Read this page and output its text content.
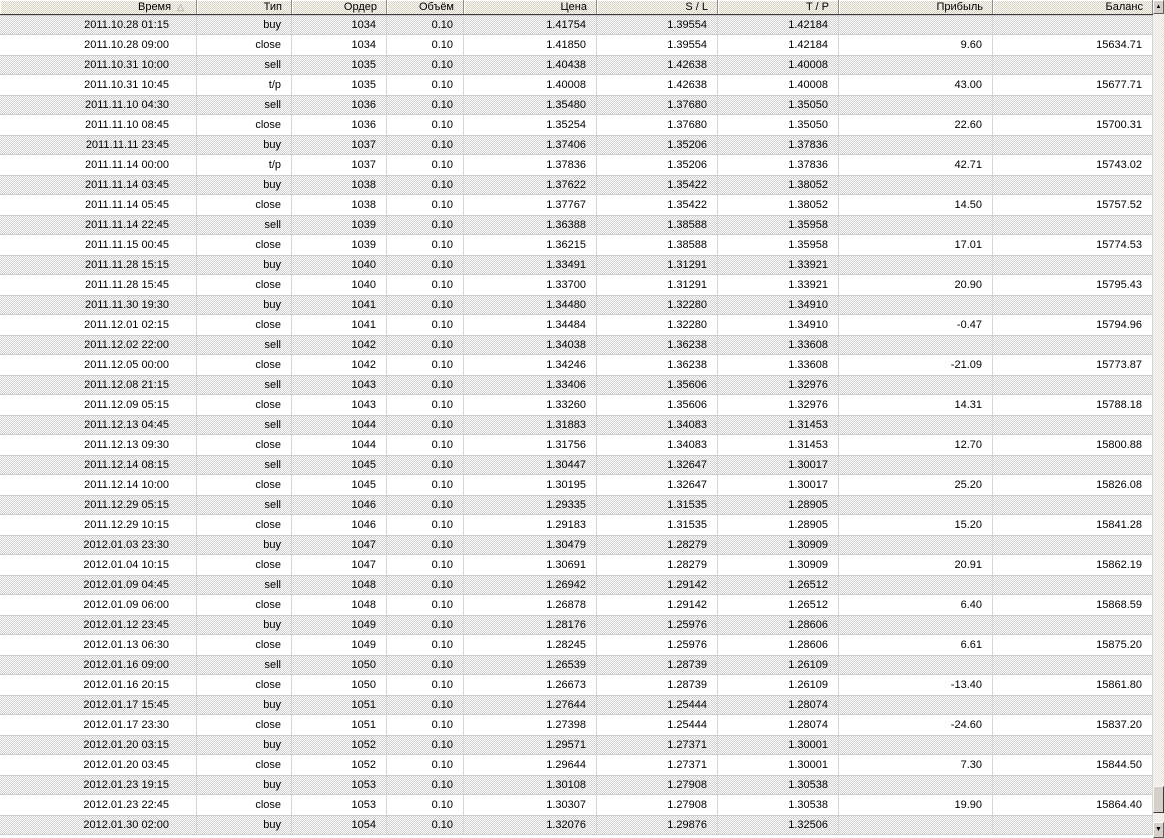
Время △	Тип	Ордер	Объём	Цена	S / L	T / P	Прибыль	Баланс
2011.10.28 01:15	buy	1034	0.10	1.41754	1.39554	1.42184
2011.10.28 09:00	close	1034	0.10	1.41850	1.39554	1.42184	9.60	15634.71
2011.10.31 10:00	sell	1035	0.10	1.40438	1.42638	1.40008
2011.10.31 10:45	t/p	1035	0.10	1.40008	1.42638	1.40008	43.00	15677.71
2011.11.10 04:30	sell	1036	0.10	1.35480	1.37680	1.35050
2011.11.10 08:45	close	1036	0.10	1.35254	1.37680	1.35050	22.60	15700.31
2011.11.11 23:45	buy	1037	0.10	1.37406	1.35206	1.37836
2011.11.14 00:00	t/p	1037	0.10	1.37836	1.35206	1.37836	42.71	15743.02
2011.11.14 03:45	buy	1038	0.10	1.37622	1.35422	1.38052
2011.11.14 05:45	close	1038	0.10	1.37767	1.35422	1.38052	14.50	15757.52
2011.11.14 22:45	sell	1039	0.10	1.36388	1.38588	1.35958
2011.11.15 00:45	close	1039	0.10	1.36215	1.38588	1.35958	17.01	15774.53
2011.11.28 15:15	buy	1040	0.10	1.33491	1.31291	1.33921
2011.11.28 15:45	close	1040	0.10	1.33700	1.31291	1.33921	20.90	15795.43
2011.11.30 19:30	buy	1041	0.10	1.34480	1.32280	1.34910
2011.12.01 02:15	close	1041	0.10	1.34484	1.32280	1.34910	-0.47	15794.96
2011.12.02 22:00	sell	1042	0.10	1.34038	1.36238	1.33608
2011.12.05 00:00	close	1042	0.10	1.34246	1.36238	1.33608	-21.09	15773.87
2011.12.08 21:15	sell	1043	0.10	1.33406	1.35606	1.32976
2011.12.09 05:15	close	1043	0.10	1.33260	1.35606	1.32976	14.31	15788.18
2011.12.13 04:45	sell	1044	0.10	1.31883	1.34083	1.31453
2011.12.13 09:30	close	1044	0.10	1.31756	1.34083	1.31453	12.70	15800.88
2011.12.14 08:15	sell	1045	0.10	1.30447	1.32647	1.30017
2011.12.14 10:00	close	1045	0.10	1.30195	1.32647	1.30017	25.20	15826.08
2011.12.29 05:15	sell	1046	0.10	1.29335	1.31535	1.28905
2011.12.29 10:15	close	1046	0.10	1.29183	1.31535	1.28905	15.20	15841.28
2012.01.03 23:30	buy	1047	0.10	1.30479	1.28279	1.30909
2012.01.04 10:15	close	1047	0.10	1.30691	1.28279	1.30909	20.91	15862.19
2012.01.09 04:45	sell	1048	0.10	1.26942	1.29142	1.26512
2012.01.09 06:00	close	1048	0.10	1.26878	1.29142	1.26512	6.40	15868.59
2012.01.12 23:45	buy	1049	0.10	1.28176	1.25976	1.28606
2012.01.13 06:30	close	1049	0.10	1.28245	1.25976	1.28606	6.61	15875.20
2012.01.16 09:00	sell	1050	0.10	1.26539	1.28739	1.26109
2012.01.16 20:15	close	1050	0.10	1.26673	1.28739	1.26109	-13.40	15861.80
2012.01.17 15:45	buy	1051	0.10	1.27644	1.25444	1.28074
2012.01.17 23:30	close	1051	0.10	1.27398	1.25444	1.28074	-24.60	15837.20
2012.01.20 03:15	buy	1052	0.10	1.29571	1.27371	1.30001
2012.01.20 03:45	close	1052	0.10	1.29644	1.27371	1.30001	7.30	15844.50
2012.01.23 19:15	buy	1053	0.10	1.30108	1.27908	1.30538
2012.01.23 22:45	close	1053	0.10	1.30307	1.27908	1.30538	19.90	15864.40
2012.01.30 02:00	buy	1054	0.10	1.32076	1.29876	1.32506
▲
▼
